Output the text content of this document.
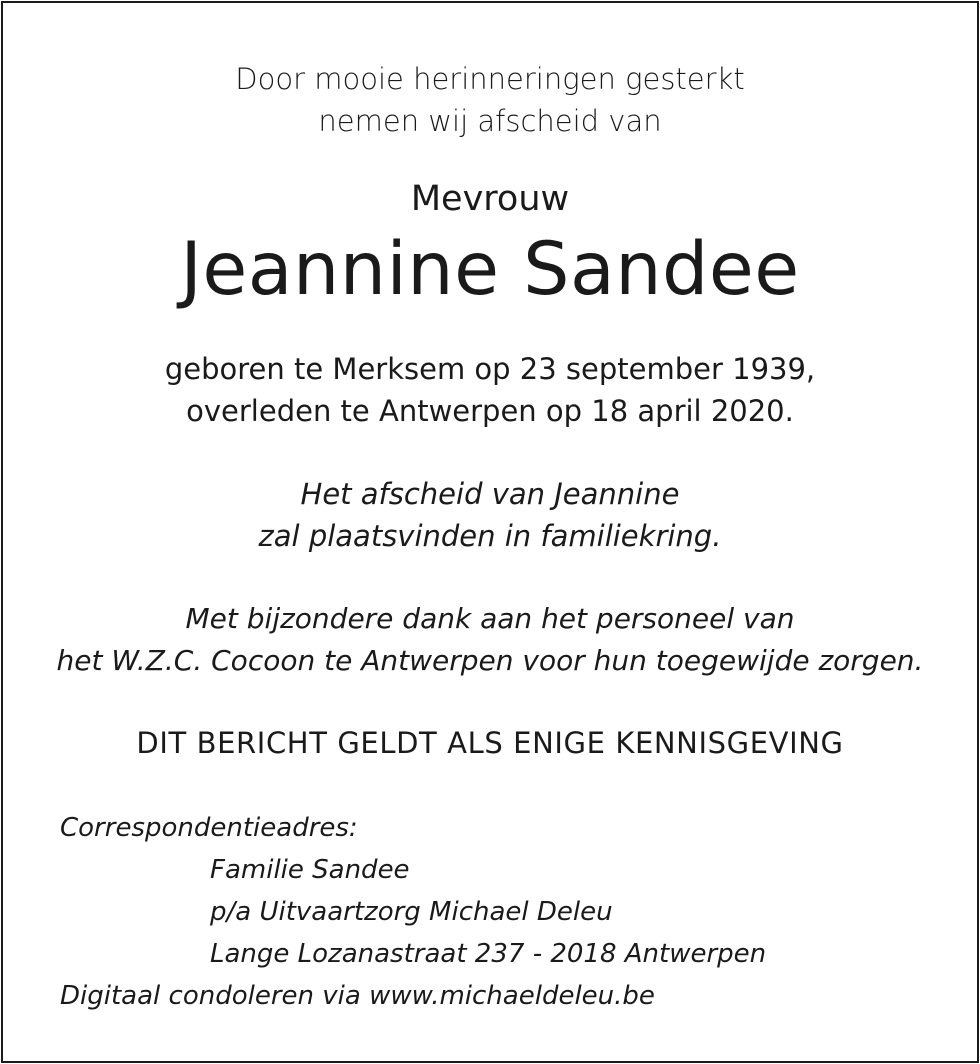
Door mooie herinneringen gesterkt
nemen wij afscheid van
Mevrouw
Jeannine Sandee
geboren te Merksem op 23 september 1939,
overleden te Antwerpen op 18 april 2020.
Het afscheid van Jeannine
zal plaatsvinden in familiekring.
Met bijzondere dank aan het personeel van
het W.Z.C. Cocoon te Antwerpen voor hun toegewijde zorgen.
DIT BERICHT GELDT ALS ENIGE KENNISGEVING
Correspondentieadres:
Familie Sandee
p/a Uitvaartzorg Michael Deleu
Lange Lozanastraat 237 - 2018 Antwerpen
Digitaal condoleren via www.michaeldeleu.be
